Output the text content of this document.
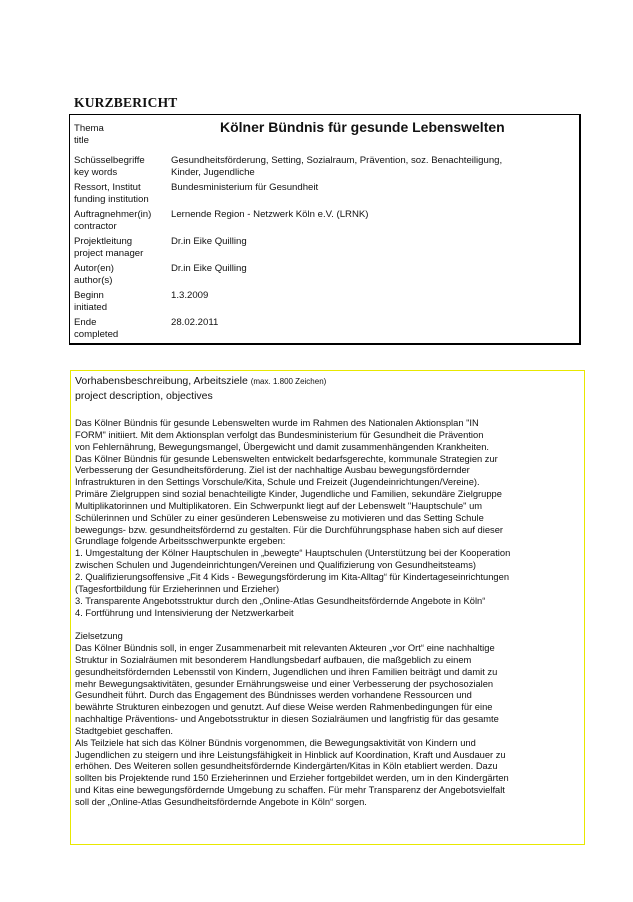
KURZBERICHT
Thema
title
Kölner Bündnis für gesunde Lebenswelten
Schüsselbegriffe
key words
Gesundheitsförderung, Setting, Sozialraum, Prävention, soz. Benachteiligung,
Kinder, Jugendliche
Ressort, Institut
funding institution
Bundesministerium für Gesundheit
Auftragnehmer(in)
contractor
Lernende Region - Netzwerk Köln e.V. (LRNK)
Projektleitung
project manager
Dr.in Eike Quilling
Autor(en)
author(s)
Dr.in Eike Quilling
Beginn
initiated
1.3.2009
Ende
completed
28.02.2011
Vorhabensbeschreibung, Arbeitsziele (max. 1.800 Zeichen)
project description, objectives
Das Kölner Bündnis für gesunde Lebenswelten wurde im Rahmen des Nationalen Aktionsplan "IN
FORM" initiiert. Mit dem Aktionsplan verfolgt das Bundesministerium für Gesundheit die Prävention
von Fehlernährung, Bewegungsmangel, Übergewicht und damit zusammenhängenden Krankheiten.
Das Kölner Bündnis für gesunde Lebenswelten entwickelt bedarfsgerechte, kommunale Strategien zur
Verbesserung der Gesundheitsförderung. Ziel ist der nachhaltige Ausbau bewegungsfördernder
Infrastrukturen in den Settings Vorschule/Kita, Schule und Freizeit (Jugendeinrichtungen/Vereine).
Primäre Zielgruppen sind sozial benachteiligte Kinder, Jugendliche und Familien, sekundäre Zielgruppe
Multiplikatorinnen und Multiplikatoren. Ein Schwerpunkt liegt auf der Lebenswelt "Hauptschule" um
Schülerinnen und Schüler zu einer gesünderen Lebensweise zu motivieren und das Setting Schule
bewegungs- bzw. gesundheitsfördernd zu gestalten. Für die Durchführungsphase haben sich auf dieser
Grundlage folgende Arbeitsschwerpunkte ergeben:
1. Umgestaltung der Kölner Hauptschulen in „bewegte“ Hauptschulen (Unterstützung bei der Kooperation
zwischen Schulen und Jugendeinrichtungen/Vereinen und Qualifizierung von Gesundheitsteams)
2. Qualifizierungsoffensive „Fit 4 Kids - Bewegungsförderung im Kita-Alltag“ für Kindertageseinrichtungen
(Tagesfortbildung für Erzieherinnen und Erzieher)
3. Transparente Angebotsstruktur durch den „Online-Atlas Gesundheitsfördernde Angebote in Köln“
4. Fortführung und Intensivierung der Netzwerkarbeit
Zielsetzung
Das Kölner Bündnis soll, in enger Zusammenarbeit mit relevanten Akteuren „vor Ort“ eine nachhaltige
Struktur in Sozialräumen mit besonderem Handlungsbedarf aufbauen, die maßgeblich zu einem
gesundheitsfördernden Lebensstil von Kindern, Jugendlichen und ihren Familien beiträgt und damit zu
mehr Bewegungsaktivitäten, gesunder Ernährungsweise und einer Verbesserung der psychosozialen
Gesundheit führt. Durch das Engagement des Bündnisses werden vorhandene Ressourcen und
bewährte Strukturen einbezogen und genutzt. Auf diese Weise werden Rahmenbedingungen für eine
nachhaltige Präventions- und Angebotsstruktur in diesen Sozialräumen und langfristig für das gesamte
Stadtgebiet geschaffen.
Als Teilziele hat sich das Kölner Bündnis vorgenommen, die Bewegungsaktivität von Kindern und
Jugendlichen zu steigern und ihre Leistungsfähigkeit in Hinblick auf Koordination, Kraft und Ausdauer zu
erhöhen. Des Weiteren sollen gesundheitsfördernde Kindergärten/Kitas in Köln etabliert werden. Dazu
sollten bis Projektende rund 150 Erzieherinnen und Erzieher fortgebildet werden, um in den Kindergärten
und Kitas eine bewegungsfördernde Umgebung zu schaffen. Für mehr Transparenz der Angebotsvielfalt
soll der „Online-Atlas Gesundheitsfördernde Angebote in Köln“ sorgen.
